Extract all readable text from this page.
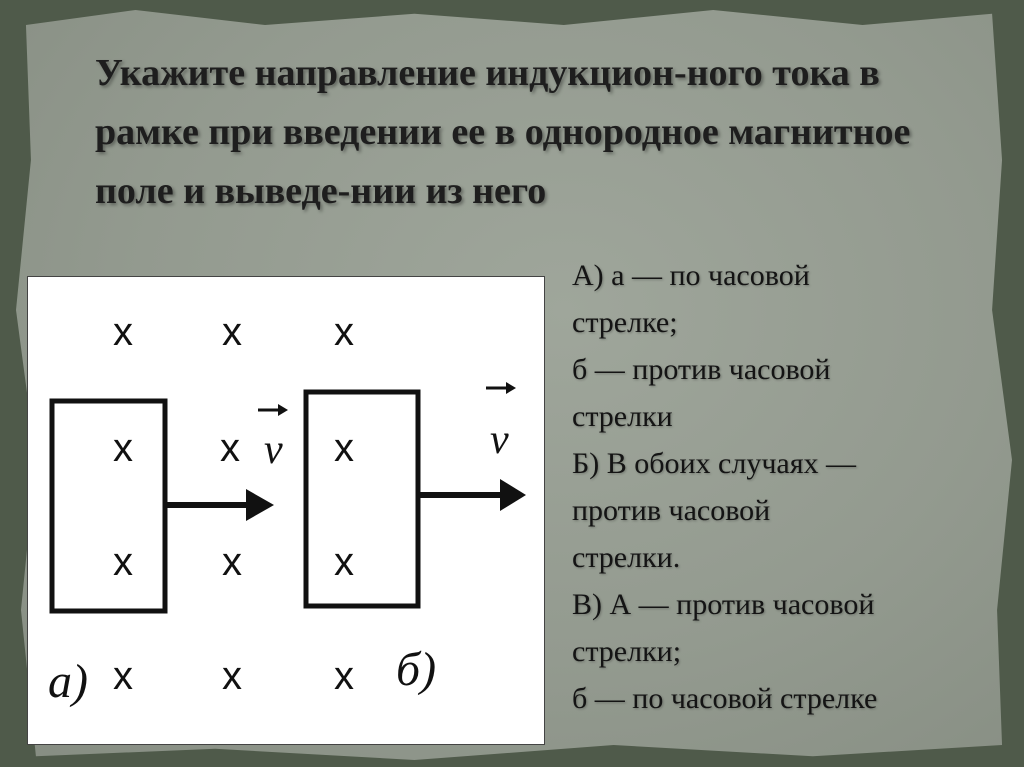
Укажите направление индукцион-ного тока в рамке при введении ее в однородное магнитное поле и выведе-нии из него
x x x
x x x
x x x
x x x
v	v
а)	б)
А) а — по часовой
стрелке;
б — против часовой
стрелки
Б) В обоих случаях —
против часовой
стрелки.
В) А — против часовой
стрелки;
б — по часовой стрелке
